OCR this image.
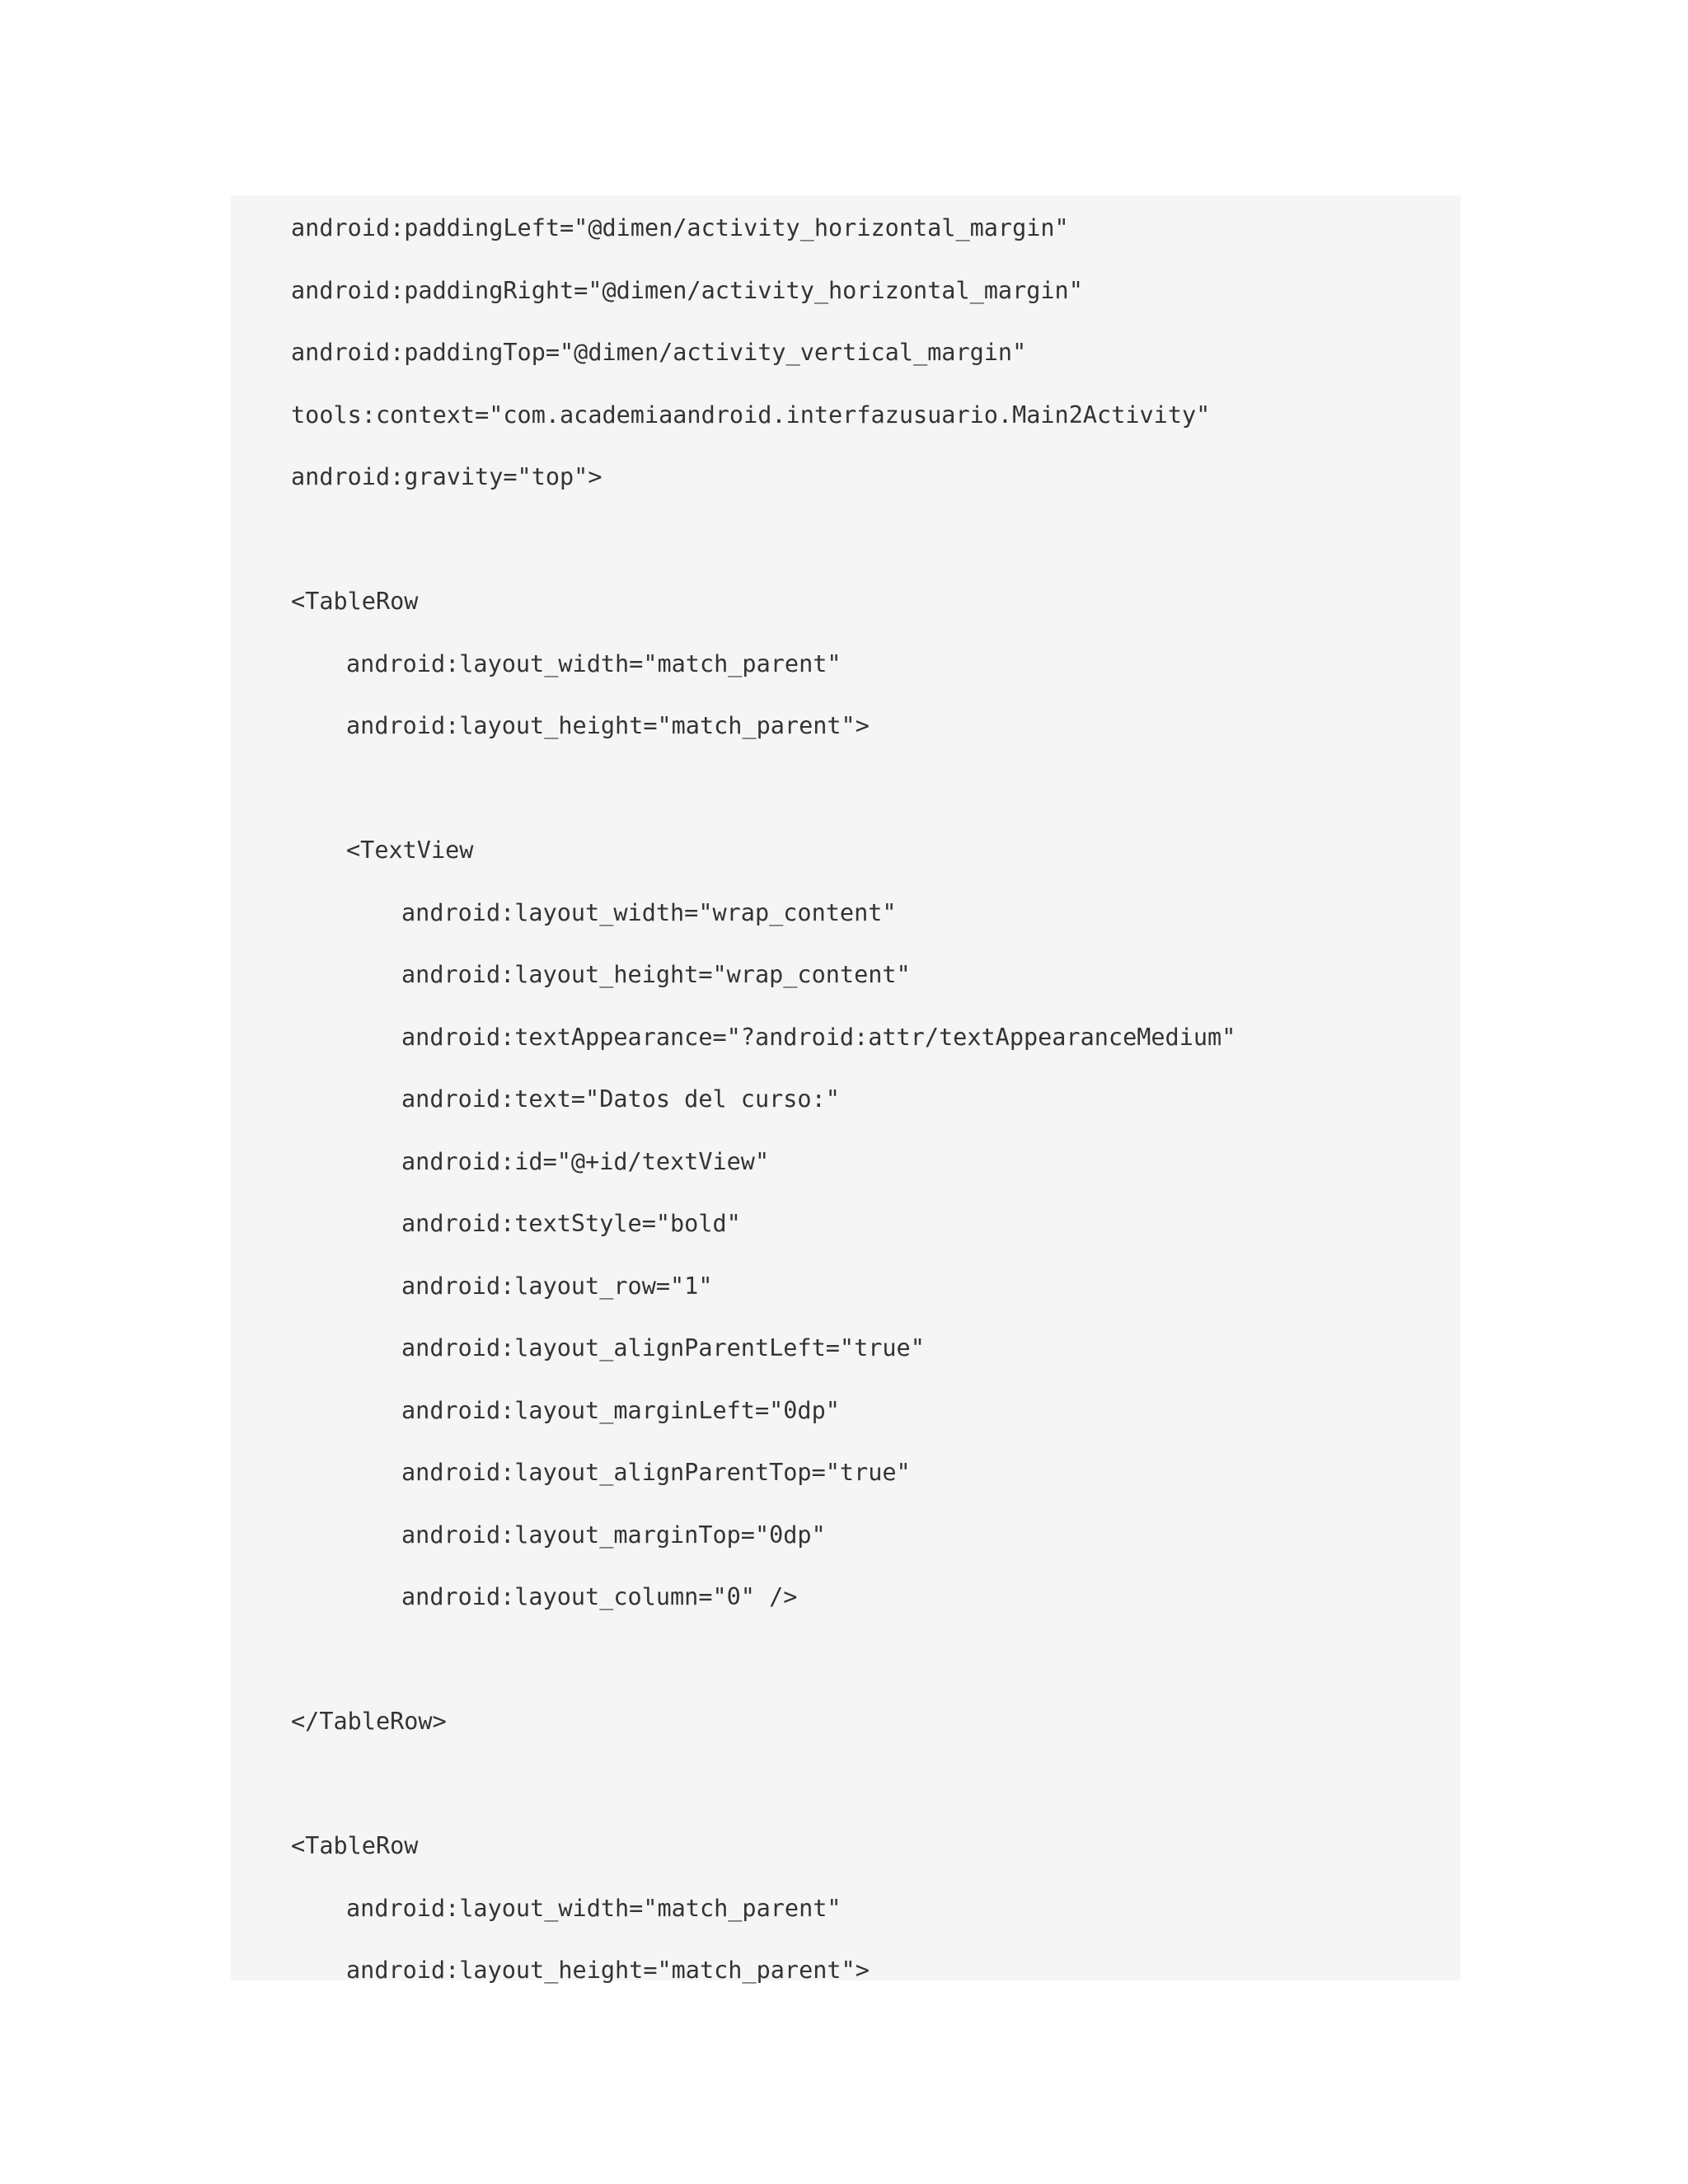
android:paddingLeft="@dimen/activity_horizontal_margin"
android:paddingRight="@dimen/activity_horizontal_margin"
android:paddingTop="@dimen/activity_vertical_margin"
tools:context="com.academiaandroid.interfazusuario.Main2Activity"
android:gravity="top">
<TableRow
android:layout_width="match_parent"
android:layout_height="match_parent">
<TextView
android:layout_width="wrap_content"
android:layout_height="wrap_content"
android:textAppearance="?android:attr/textAppearanceMedium"
android:text="Datos del curso:"
android:id="@+id/textView"
android:textStyle="bold"
android:layout_row="1"
android:layout_alignParentLeft="true"
android:layout_marginLeft="0dp"
android:layout_alignParentTop="true"
android:layout_marginTop="0dp"
android:layout_column="0" />
</TableRow>
<TableRow
android:layout_width="match_parent"
android:layout_height="match_parent">
